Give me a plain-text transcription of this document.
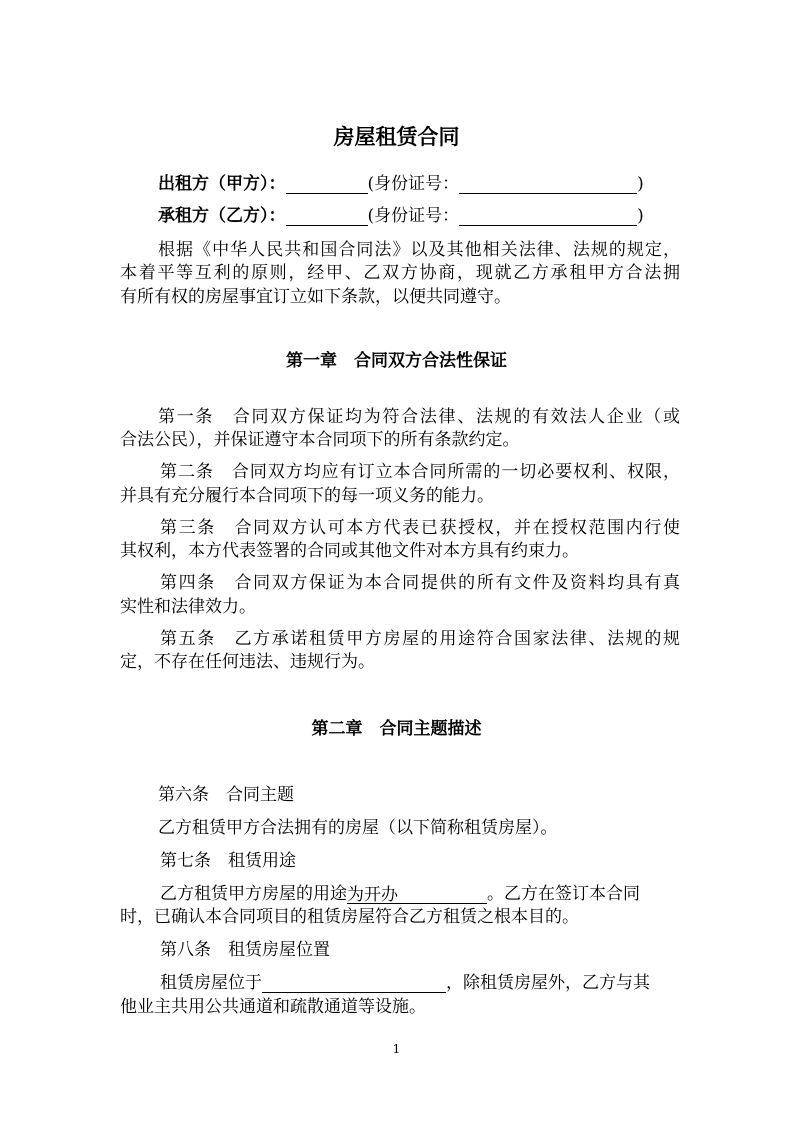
房屋租赁合同
出租方（甲方）：	(身份证号：	)
承租方（乙方）：	(身份证号：	)
根据《中华人民共和国合同法》以及其他相关法律、法规的规定，
本着平等互利的原则，经甲、乙双方协商，现就乙方承租甲方合法拥
有所有权的房屋事宜订立如下条款，以便共同遵守。
第一章　合同双方合法性保证
第一条　合同双方保证均为符合法律、法规的有效法人企业（或
合法公民），并保证遵守本合同项下的所有条款约定。
第二条　合同双方均应有订立本合同所需的一切必要权利、权限，
并具有充分履行本合同项下的每一项义务的能力。
第三条　合同双方认可本方代表已获授权，并在授权范围内行使
其权利，本方代表签署的合同或其他文件对本方具有约束力。
第四条　合同双方保证为本合同提供的所有文件及资料均具有真
实性和法律效力。
第五条　乙方承诺租赁甲方房屋的用途符合国家法律、法规的规
定，不存在任何违法、违规行为。
第二章　合同主题描述
第六条　合同主题
乙方租赁甲方合法拥有的房屋（以下简称租赁房屋）。
第七条　租赁用途
乙方租赁甲方房屋的用途为开办	。乙方在签订本合同
时，已确认本合同项目的租赁房屋符合乙方租赁之根本目的。
第八条　租赁房屋位置
租赁房屋位于	，除租赁房屋外，乙方与其
他业主共用公共通道和疏散通道等设施。
1
